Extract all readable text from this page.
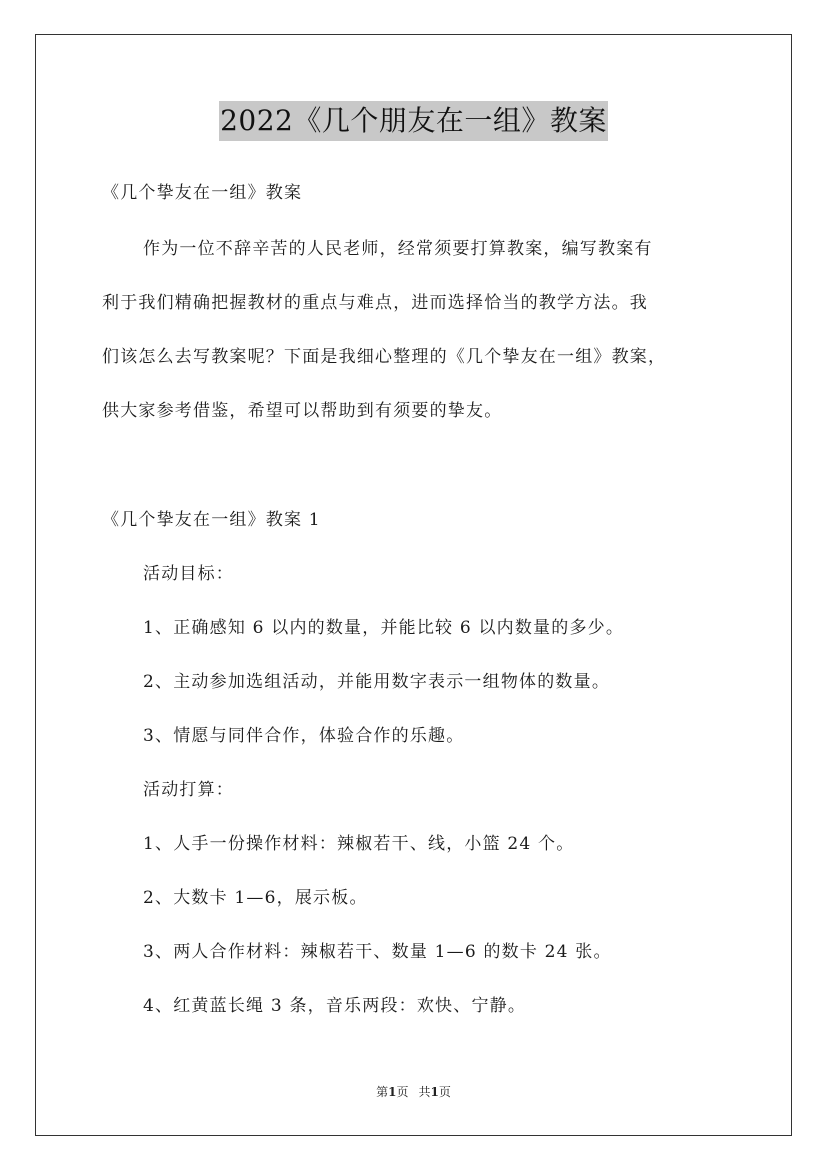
2022《几个朋友在一组》教案
《几个挚友在一组》教案
作为一位不辞辛苦的人民老师，经常须要打算教案，编写教案有
利于我们精确把握教材的重点与难点，进而选择恰当的教学方法。我
们该怎么去写教案呢？下面是我细心整理的《几个挚友在一组》教案，
供大家参考借鉴，希望可以帮助到有须要的挚友。
《几个挚友在一组》教案 1
活动目标：
1、正确感知 6 以内的数量，并能比较 6 以内数量的多少。
2、主动参加选组活动，并能用数字表示一组物体的数量。
3、情愿与同伴合作，体验合作的乐趣。
活动打算：
1、人手一份操作材料：辣椒若干、线，小篮 24 个。
2、大数卡 1—6，展示板。
3、两人合作材料：辣椒若干、数量 1—6 的数卡 24 张。
4、红黄蓝长绳 3 条，音乐两段：欢快、宁静。
第1页 共1页
